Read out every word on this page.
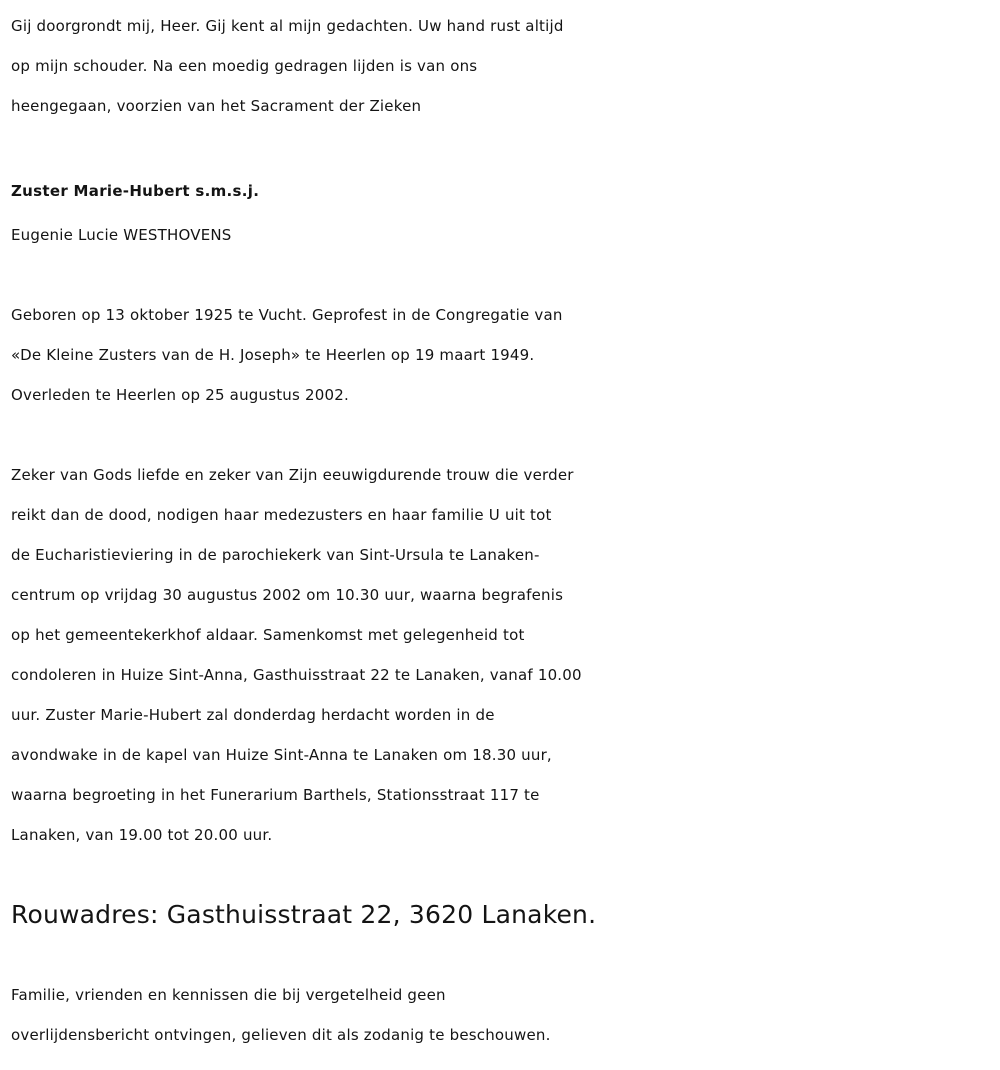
Gij doorgrondt mij, Heer. Gij kent al mijn gedachten. Uw hand rust altijd
op mijn schouder. Na een moedig gedragen lijden is van ons
heengegaan, voorzien van het Sacrament der Zieken
Zuster Marie-Hubert s.m.s.j.
Eugenie Lucie WESTHOVENS
Geboren op 13 oktober 1925 te Vucht. Geprofest in de Congregatie van
«De Kleine Zusters van de H. Joseph» te Heerlen op 19 maart 1949.
Overleden te Heerlen op 25 augustus 2002.
Zeker van Gods liefde en zeker van Zijn eeuwigdurende trouw die verder
reikt dan de dood, nodigen haar medezusters en haar familie U uit tot
de Eucharistieviering in de parochiekerk van Sint-Ursula te Lanaken-
centrum op vrijdag 30 augustus 2002 om 10.30 uur, waarna begrafenis
op het gemeentekerkhof aldaar. Samenkomst met gelegenheid tot
condoleren in Huize Sint-Anna, Gasthuisstraat 22 te Lanaken, vanaf 10.00
uur. Zuster Marie-Hubert zal donderdag herdacht worden in de
avondwake in de kapel van Huize Sint-Anna te Lanaken om 18.30 uur,
waarna begroeting in het Funerarium Barthels, Stationsstraat 117 te
Lanaken, van 19.00 tot 20.00 uur.
Rouwadres: Gasthuisstraat 22, 3620 Lanaken.
Familie, vrienden en kennissen die bij vergetelheid geen
overlijdensbericht ontvingen, gelieven dit als zodanig te beschouwen.
